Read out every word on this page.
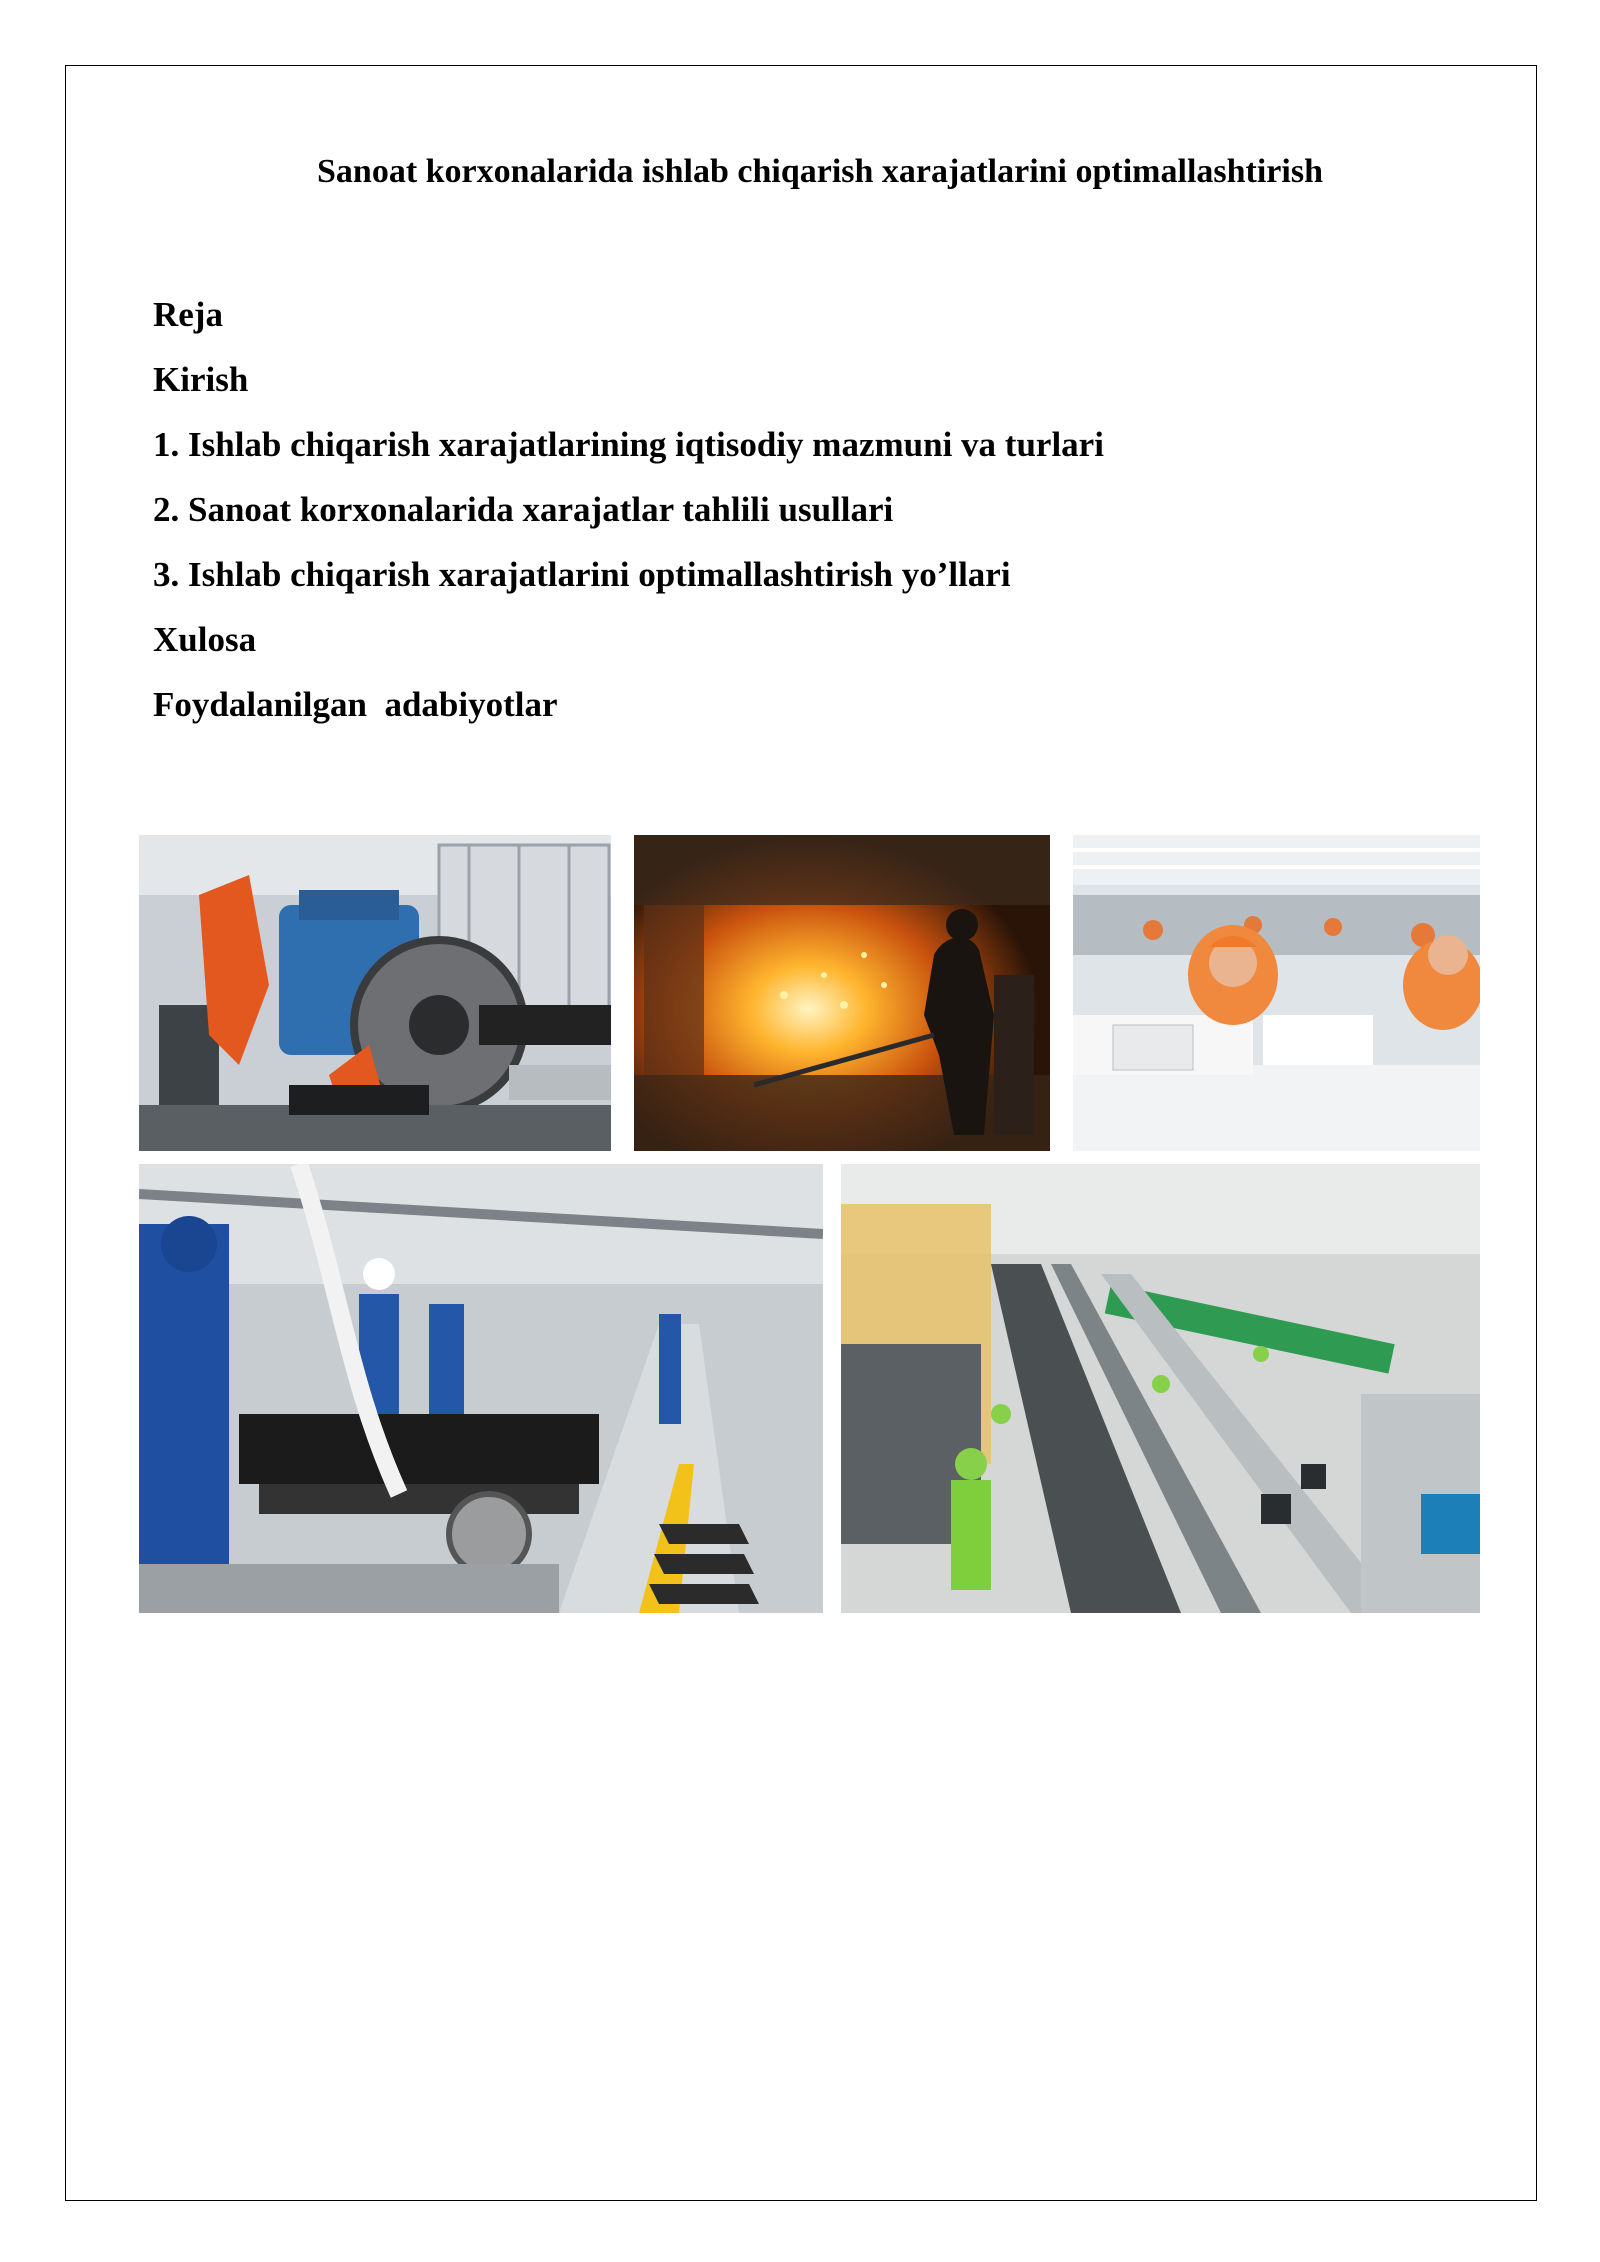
Sanoat korxonalarida ishlab chiqarish xarajatlarini optimallashtirish
Reja
Kirish
1. Ishlab chiqarish xarajatlarining iqtisodiy mazmuni va turlari
2. Sanoat korxonalarida xarajatlar tahlili usullari
3. Ishlab chiqarish xarajatlarini optimallashtirish yo’llari
Xulosa
Foydalanilgan  adabiyotlar
